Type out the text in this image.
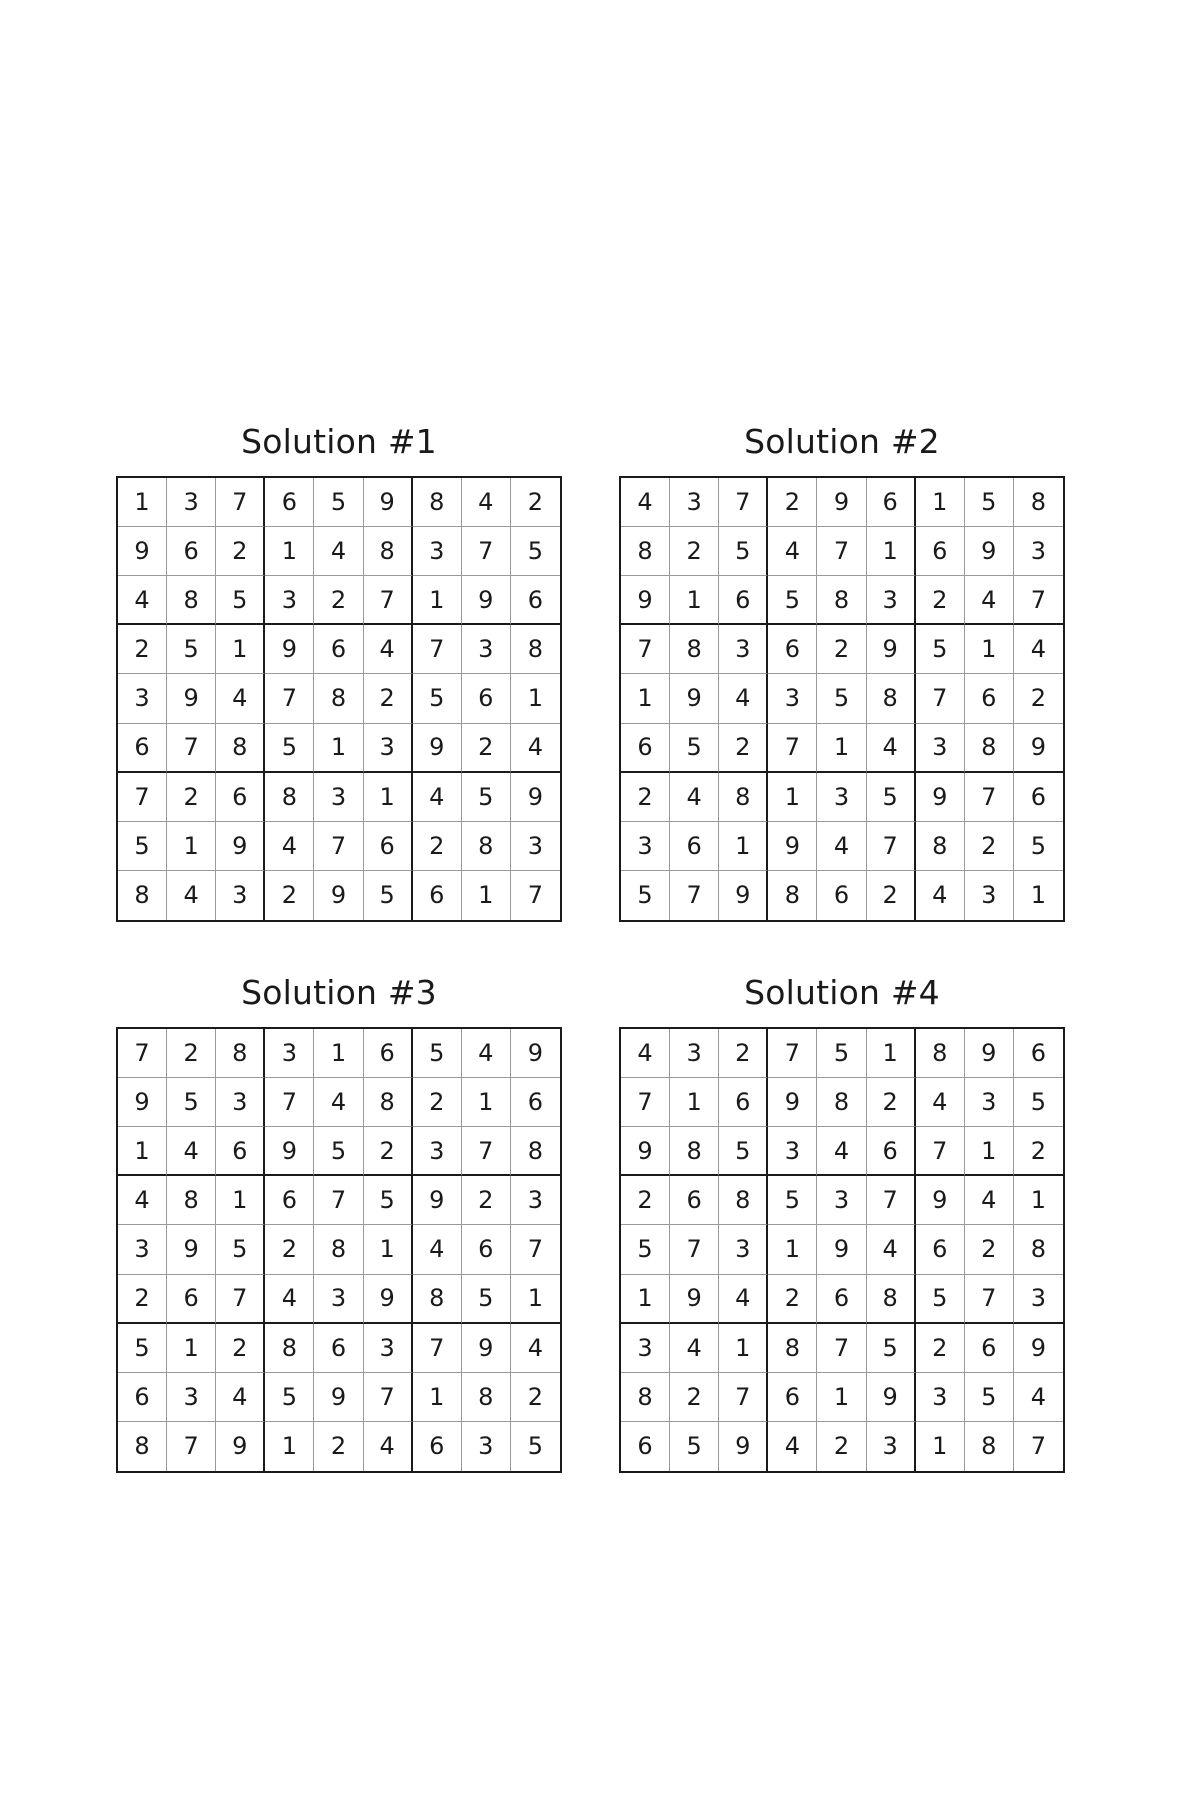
Solution #1
1	3	7	6	5	9	8	4	2
9	6	2	1	4	8	3	7	5
4	8	5	3	2	7	1	9	6
2	5	1	9	6	4	7	3	8
3	9	4	7	8	2	5	6	1
6	7	8	5	1	3	9	2	4
7	2	6	8	3	1	4	5	9
5	1	9	4	7	6	2	8	3
8	4	3	2	9	5	6	1	7
Solution #2
4	3	7	2	9	6	1	5	8
8	2	5	4	7	1	6	9	3
9	1	6	5	8	3	2	4	7
7	8	3	6	2	9	5	1	4
1	9	4	3	5	8	7	6	2
6	5	2	7	1	4	3	8	9
2	4	8	1	3	5	9	7	6
3	6	1	9	4	7	8	2	5
5	7	9	8	6	2	4	3	1
Solution #3
7	2	8	3	1	6	5	4	9
9	5	3	7	4	8	2	1	6
1	4	6	9	5	2	3	7	8
4	8	1	6	7	5	9	2	3
3	9	5	2	8	1	4	6	7
2	6	7	4	3	9	8	5	1
5	1	2	8	6	3	7	9	4
6	3	4	5	9	7	1	8	2
8	7	9	1	2	4	6	3	5
Solution #4
4	3	2	7	5	1	8	9	6
7	1	6	9	8	2	4	3	5
9	8	5	3	4	6	7	1	2
2	6	8	5	3	7	9	4	1
5	7	3	1	9	4	6	2	8
1	9	4	2	6	8	5	7	3
3	4	1	8	7	5	2	6	9
8	2	7	6	1	9	3	5	4
6	5	9	4	2	3	1	8	7
